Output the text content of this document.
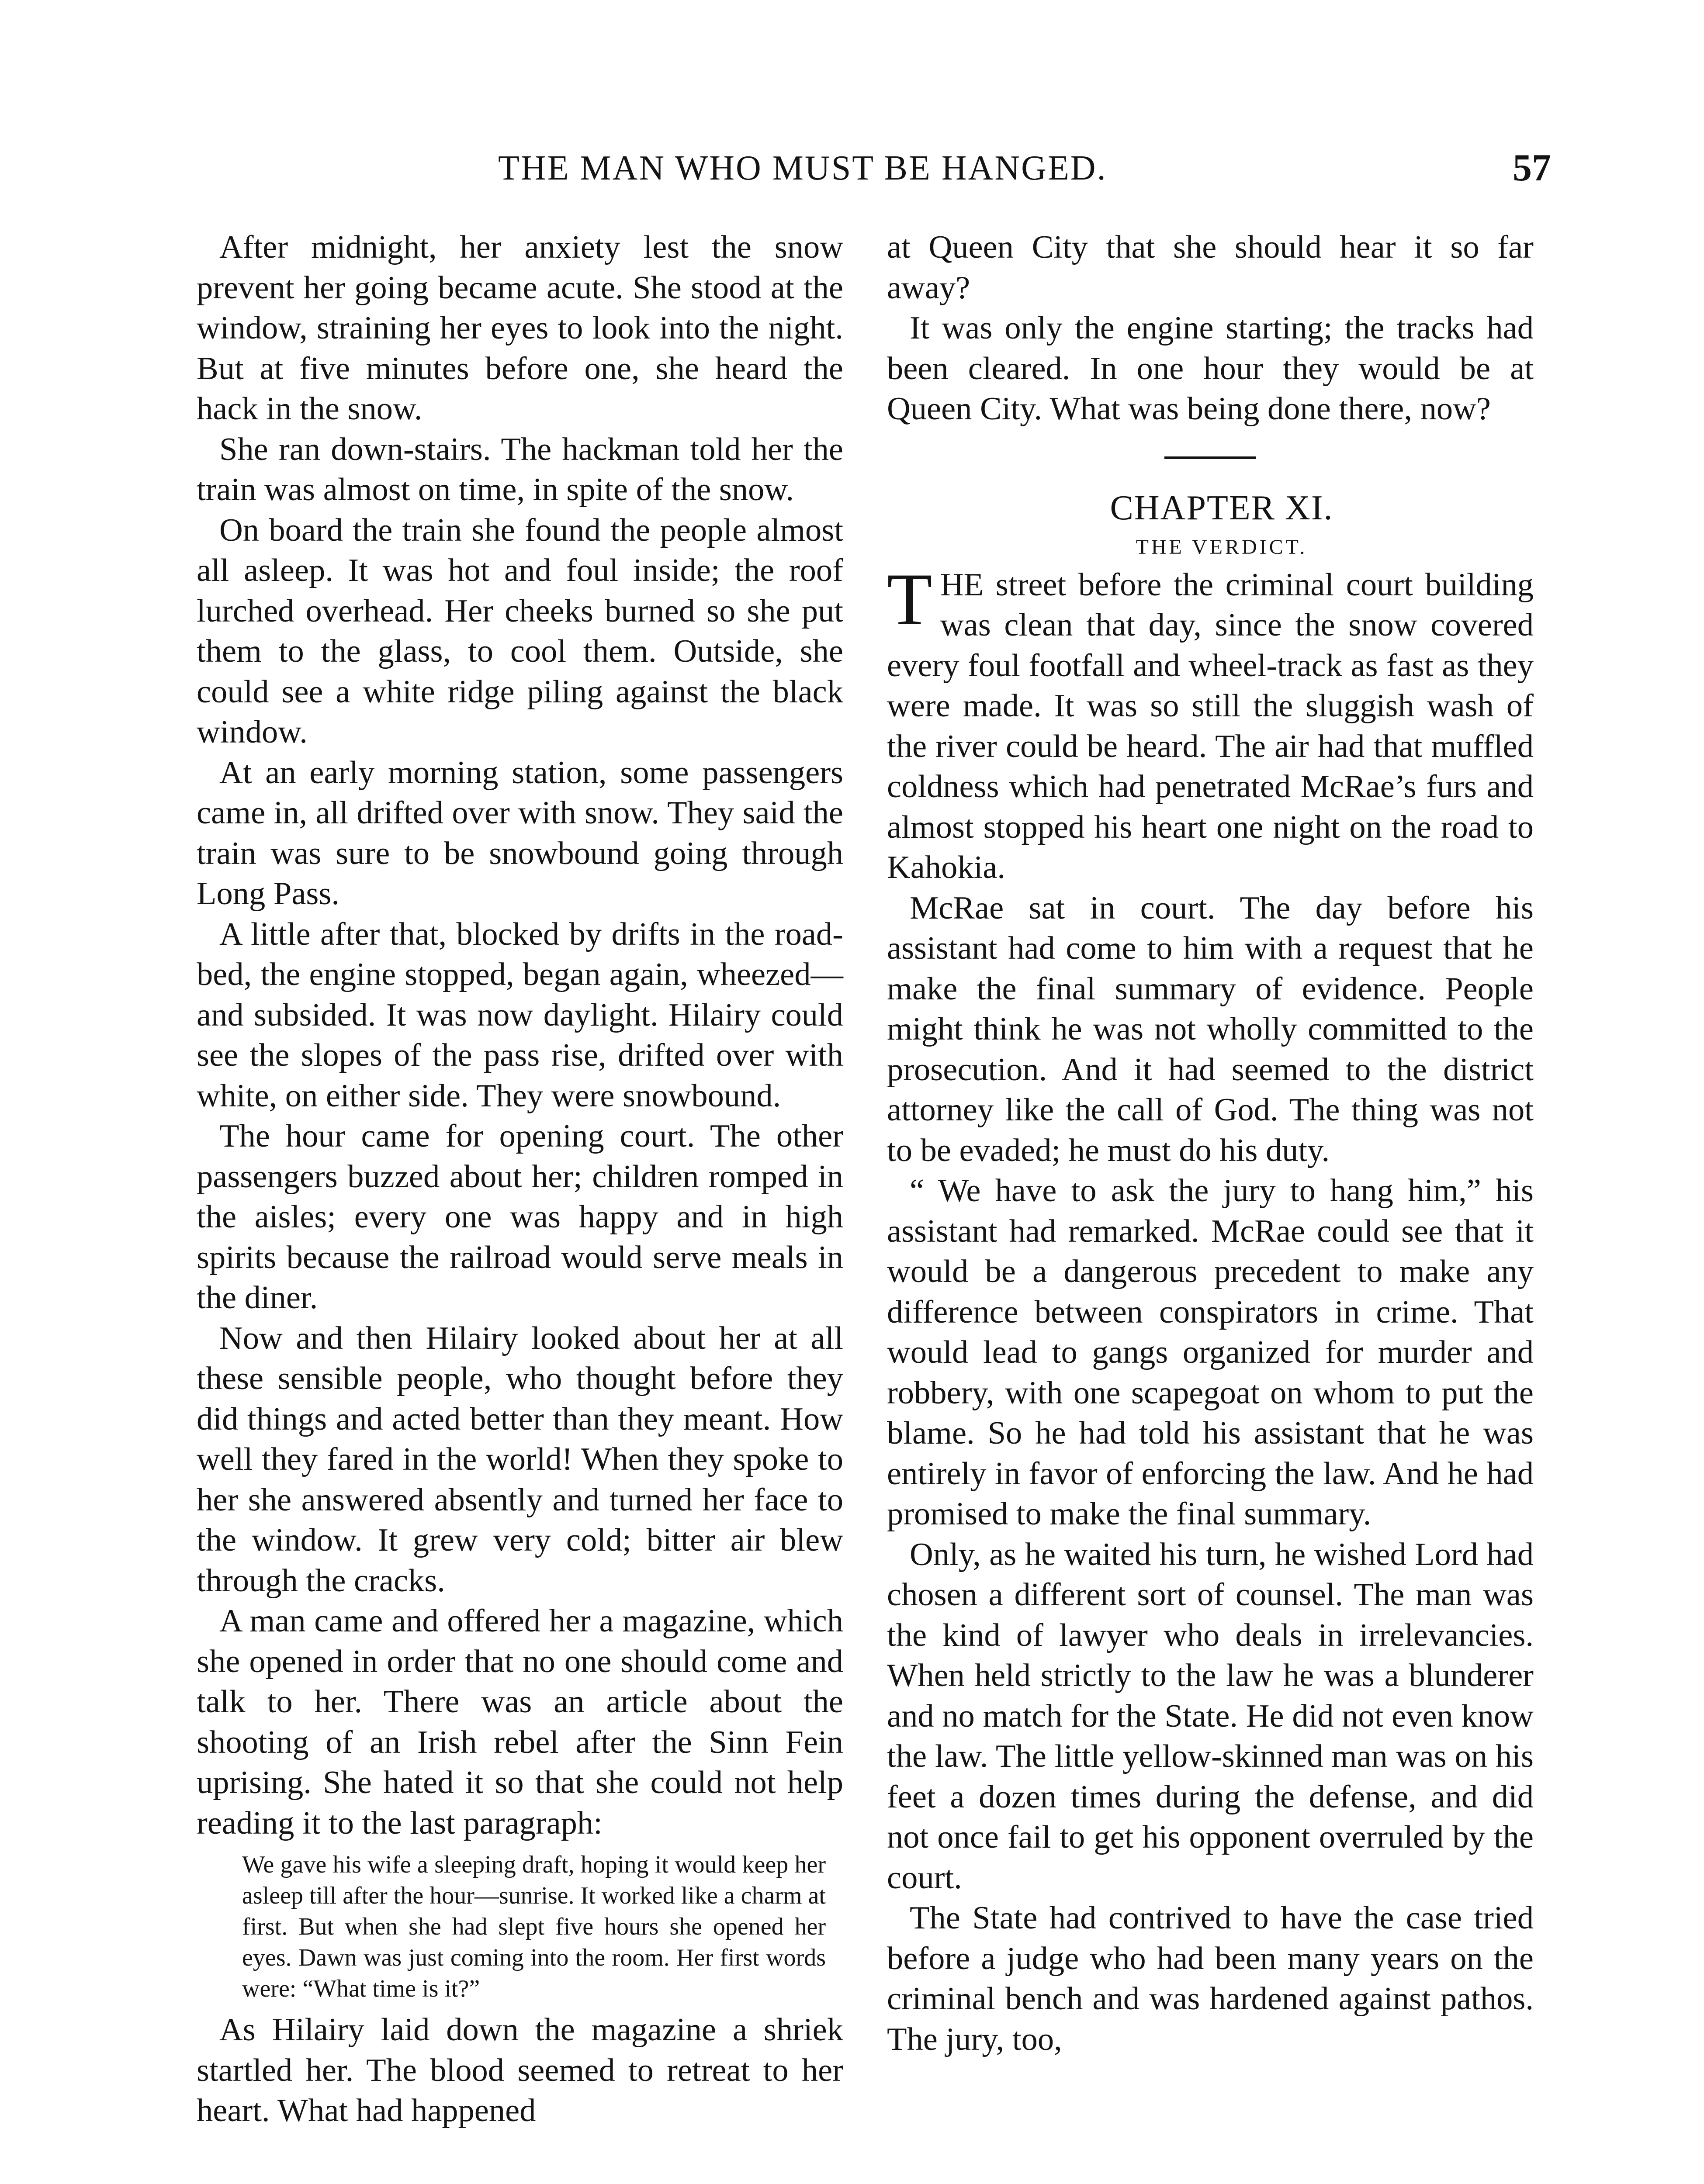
THE MAN WHO MUST BE HANGED.	57

After midnight, her anxiety lest the snow prevent her going became acute. She stood at the window, straining her eyes to look into the night. But at five minutes before one, she heard the hack in the snow.

She ran down-stairs. The hackman told her the train was almost on time, in spite of the snow.

On board the train she found the people almost all asleep. It was hot and foul inside; the roof lurched overhead. Her cheeks burned so she put them to the glass, to cool them. Outside, she could see a white ridge piling against the black window.

At an early morning station, some passengers came in, all drifted over with snow. They said the train was sure to be snowbound going through Long Pass.

A little after that, blocked by drifts in the road-bed, the engine stopped, began again, wheezed—and subsided. It was now daylight. Hilairy could see the slopes of the pass rise, drifted over with white, on either side. They were snowbound.

The hour came for opening court. The other passengers buzzed about her; children romped in the aisles; every one was happy and in high spirits because the railroad would serve meals in the diner.

Now and then Hilairy looked about her at all these sensible people, who thought before they did things and acted better than they meant. How well they fared in the world! When they spoke to her she answered absently and turned her face to the window. It grew very cold; bitter air blew through the cracks.

A man came and offered her a magazine, which she opened in order that no one should come and talk to her. There was an article about the shooting of an Irish rebel after the Sinn Fein uprising. She hated it so that she could not help reading it to the last paragraph:

We gave his wife a sleeping draft, hoping it would keep her asleep till after the hour—sunrise. It worked like a charm at first. But when she had slept five hours she opened her eyes. Dawn was just coming into the room. Her first words were: “What time is it?”

As Hilairy laid down the magazine a shriek startled her. The blood seemed to retreat to her heart. What had happened

at Queen City that she should hear it so far away?

It was only the engine starting; the tracks had been cleared. In one hour they would be at Queen City. What was being done there, now?

CHAPTER XI.

THE VERDICT.

THE street before the criminal court building was clean that day, since the snow covered every foul footfall and wheel-track as fast as they were made. It was so still the sluggish wash of the river could be heard. The air had that muffled coldness which had penetrated McRae’s furs and almost stopped his heart one night on the road to Kahokia.

McRae sat in court. The day before his assistant had come to him with a request that he make the final summary of evidence. People might think he was not wholly committed to the prosecution. And it had seemed to the district attorney like the call of God. The thing was not to be evaded; he must do his duty.

“ We have to ask the jury to hang him,” his assistant had remarked. McRae could see that it would be a dangerous precedent to make any difference between conspirators in crime. That would lead to gangs organized for murder and robbery, with one scapegoat on whom to put the blame. So he had told his assistant that he was entirely in favor of enforcing the law. And he had promised to make the final summary.

Only, as he waited his turn, he wished Lord had chosen a different sort of counsel. The man was the kind of lawyer who deals in irrelevancies. When held strictly to the law he was a blunderer and no match for the State. He did not even know the law. The little yellow-skinned man was on his feet a dozen times during the defense, and did not once fail to get his opponent overruled by the court.

The State had contrived to have the case tried before a judge who had been many years on the criminal bench and was hardened against pathos. The jury, too,
